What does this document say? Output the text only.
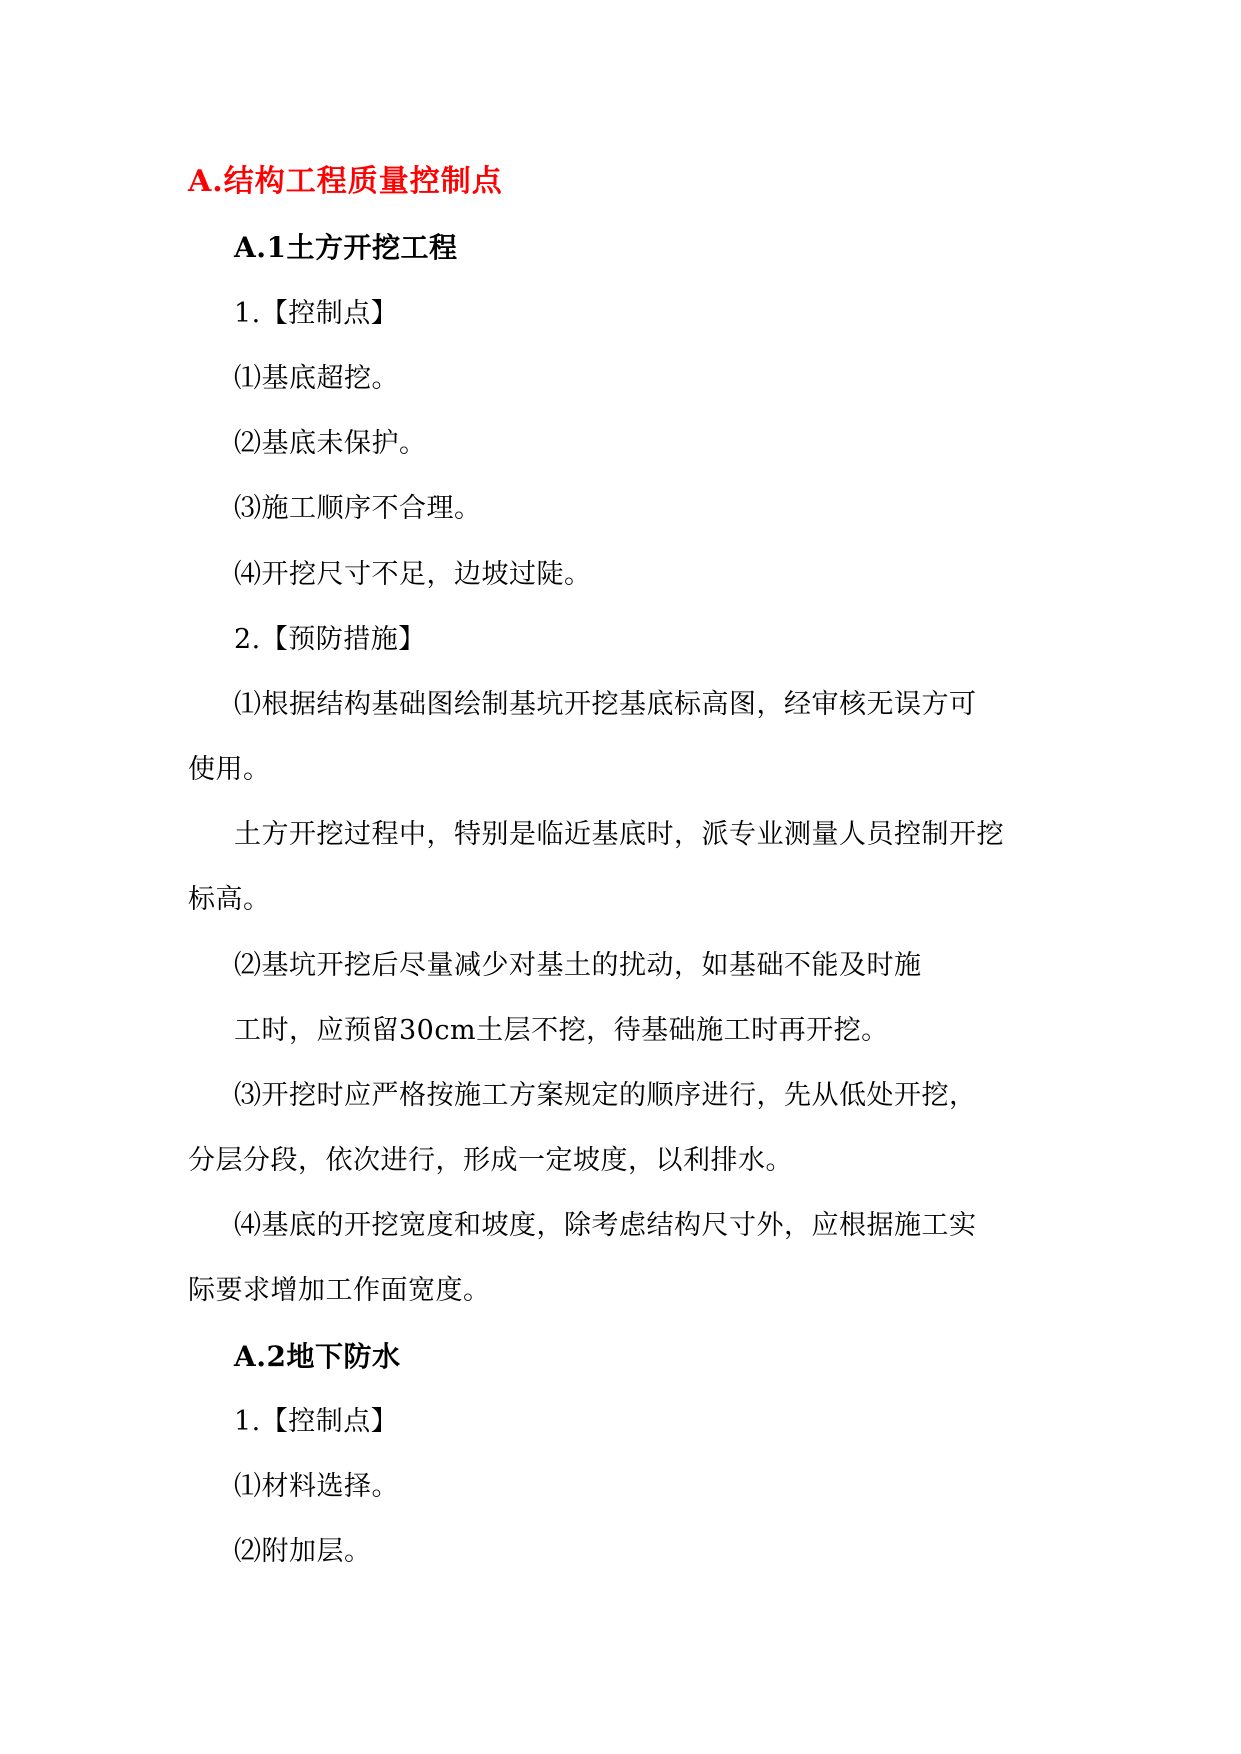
A.结构工程质量控制点
A.1土方开挖工程
1.【控制点】
⑴基底超挖。
⑵基底未保护。
⑶施工顺序不合理。
⑷开挖尺寸不足，边坡过陡。
2.【预防措施】
⑴根据结构基础图绘制基坑开挖基底标高图，经审核无误方可
使用。
土方开挖过程中，特别是临近基底时，派专业测量人员控制开挖
标高。
⑵基坑开挖后尽量减少对基土的扰动，如基础不能及时施
工时，应预留30cm土层不挖，待基础施工时再开挖。
⑶开挖时应严格按施工方案规定的顺序进行，先从低处开挖，
分层分段，依次进行，形成一定坡度，以利排水。
⑷基底的开挖宽度和坡度，除考虑结构尺寸外，应根据施工实
际要求增加工作面宽度。
A.2地下防水
1.【控制点】
⑴材料选择。
⑵附加层。
